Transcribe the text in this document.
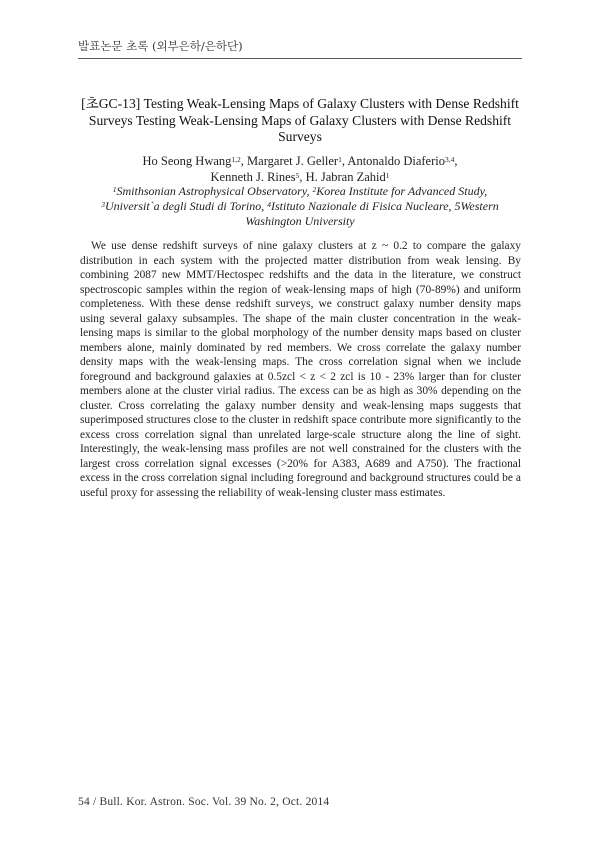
발표논문 초록 (외부은하/은하단)
[초GC-13] Testing Weak-Lensing Maps of Galaxy Clusters with Dense Redshift Surveys Testing Weak-Lensing Maps of Galaxy Clusters with Dense Redshift Surveys
Ho Seong Hwang$^{1,2}$, Margaret J. Geller$^1$, Antonaldo Diaferio$^{3,4}$,
Kenneth J. Rines$^5$, H. Jabran Zahid$^1$
$^1$Smithsonian Astrophysical Observatory, $^2$Korea Institute for Advanced Study,
$^3$Universit`a degli Studi di Torino, $^4$Istituto Nazionale di Fisica Nucleare, 5Western Washington University
We use dense redshift surveys of nine galaxy clusters at z ~ 0.2 to compare the galaxy distribution in each system with the projected matter distribution from weak lensing. By combining 2087 new MMT/Hectospec redshifts and the data in the literature, we construct spectroscopic samples within the region of weak-lensing maps of high (70-89%) and uniform completeness. With these dense redshift surveys, we construct galaxy number density maps using several galaxy subsamples. The shape of the main cluster concentration in the weak-lensing maps is similar to the global morphology of the number density maps based on cluster members alone, mainly dominated by red members. We cross correlate the galaxy number density maps with the weak-lensing maps. The cross correlation signal when we include foreground and background galaxies at 0.5zcl < z < 2 zcl is 10 - 23% larger than for cluster members alone at the cluster virial radius. The excess can be as high as 30% depending on the cluster. Cross correlating the galaxy number density and weak-lensing maps suggests that superimposed structures close to the cluster in redshift space contribute more significantly to the excess cross correlation signal than unrelated large-scale structure along the line of sight. Interestingly, the weak-lensing mass profiles are not well constrained for the clusters with the largest cross correlation signal excesses (>20% for A383, A689 and A750). The fractional excess in the cross correlation signal including foreground and background structures could be a useful proxy for assessing the reliability of weak-lensing cluster mass estimates.
54 / Bull. Kor. Astron. Soc. Vol. 39 No. 2, Oct. 2014
